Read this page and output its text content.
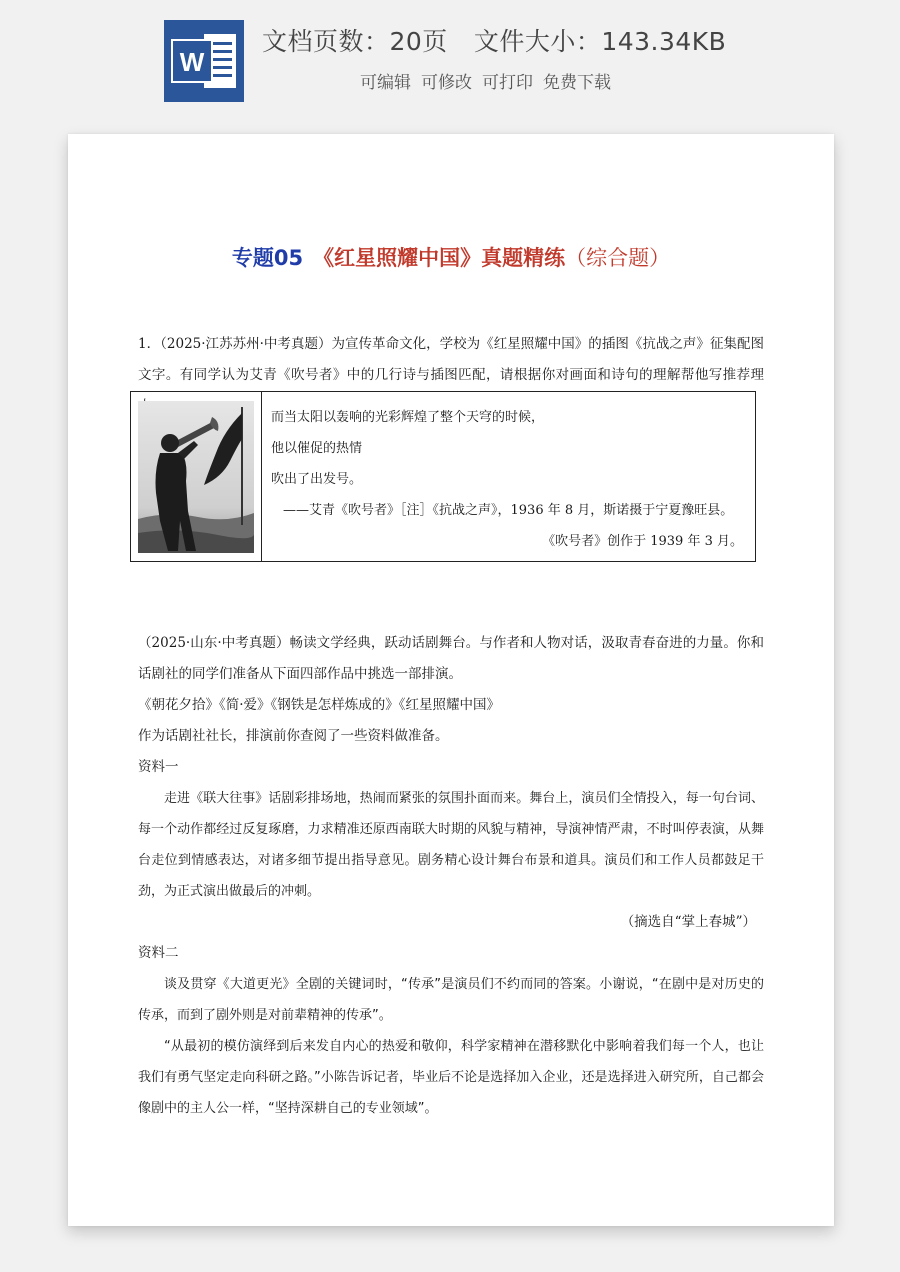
W
文档页数：20页 文件大小：143.34KB
可编辑 可修改 可打印 免费下载
专题05 《红星照耀中国》真题精练（综合题）
1．（2025·江苏苏州·中考真题）为宣传革命文化，学校为《红星照耀中国》的插图《抗战之声》征集配图文字。有同学认为艾青《吹号者》中的几行诗与插图匹配，请根据你对画面和诗句的理解帮他写推荐理
而当太阳以轰响的光彩辉煌了整个天穹的时候，
他以催促的热情
吹出了出发号。
——艾青《吹号者》［注］《抗战之声》，1936 年 8 月，斯诺摄于宁夏豫旺县。
《吹号者》创作于 1939 年 3 月。

（2025·山东·中考真题）畅读文学经典，跃动话剧舞台。与作者和人物对话，汲取青春奋进的力量。你和话剧社的同学们准备从下面四部作品中挑选一部排演。

《朝花夕拾》《简·爱》《钢铁是怎样炼成的》《红星照耀中国》

作为话剧社社长，排演前你查阅了一些资料做准备。

资料一

走进《联大往事》话剧彩排场地，热闹而紧张的氛围扑面而来。舞台上，演员们全情投入，每一句台词、每一个动作都经过反复琢磨，力求精准还原西南联大时期的风貌与精神，导演神情严肃，不时叫停表演，从舞台走位到情感表达，对诸多细节提出指导意见。剧务精心设计舞台布景和道具。演员们和工作人员都鼓足干劲，为正式演出做最后的冲刺。

（摘选自“掌上春城”）

资料二

谈及贯穿《大道更光》全剧的关键词时，“传承”是演员们不约而同的答案。小谢说，“在剧中是对历史的传承，而到了剧外则是对前辈精神的传承”。

“从最初的模仿演绎到后来发自内心的热爱和敬仰，科学家精神在潜移默化中影响着我们每一个人，也让我们有勇气坚定走向科研之路。”小陈告诉记者，毕业后不论是选择加入企业，还是选择进入研究所，自己都会像剧中的主人公一样，“坚持深耕自己的专业领域”。
